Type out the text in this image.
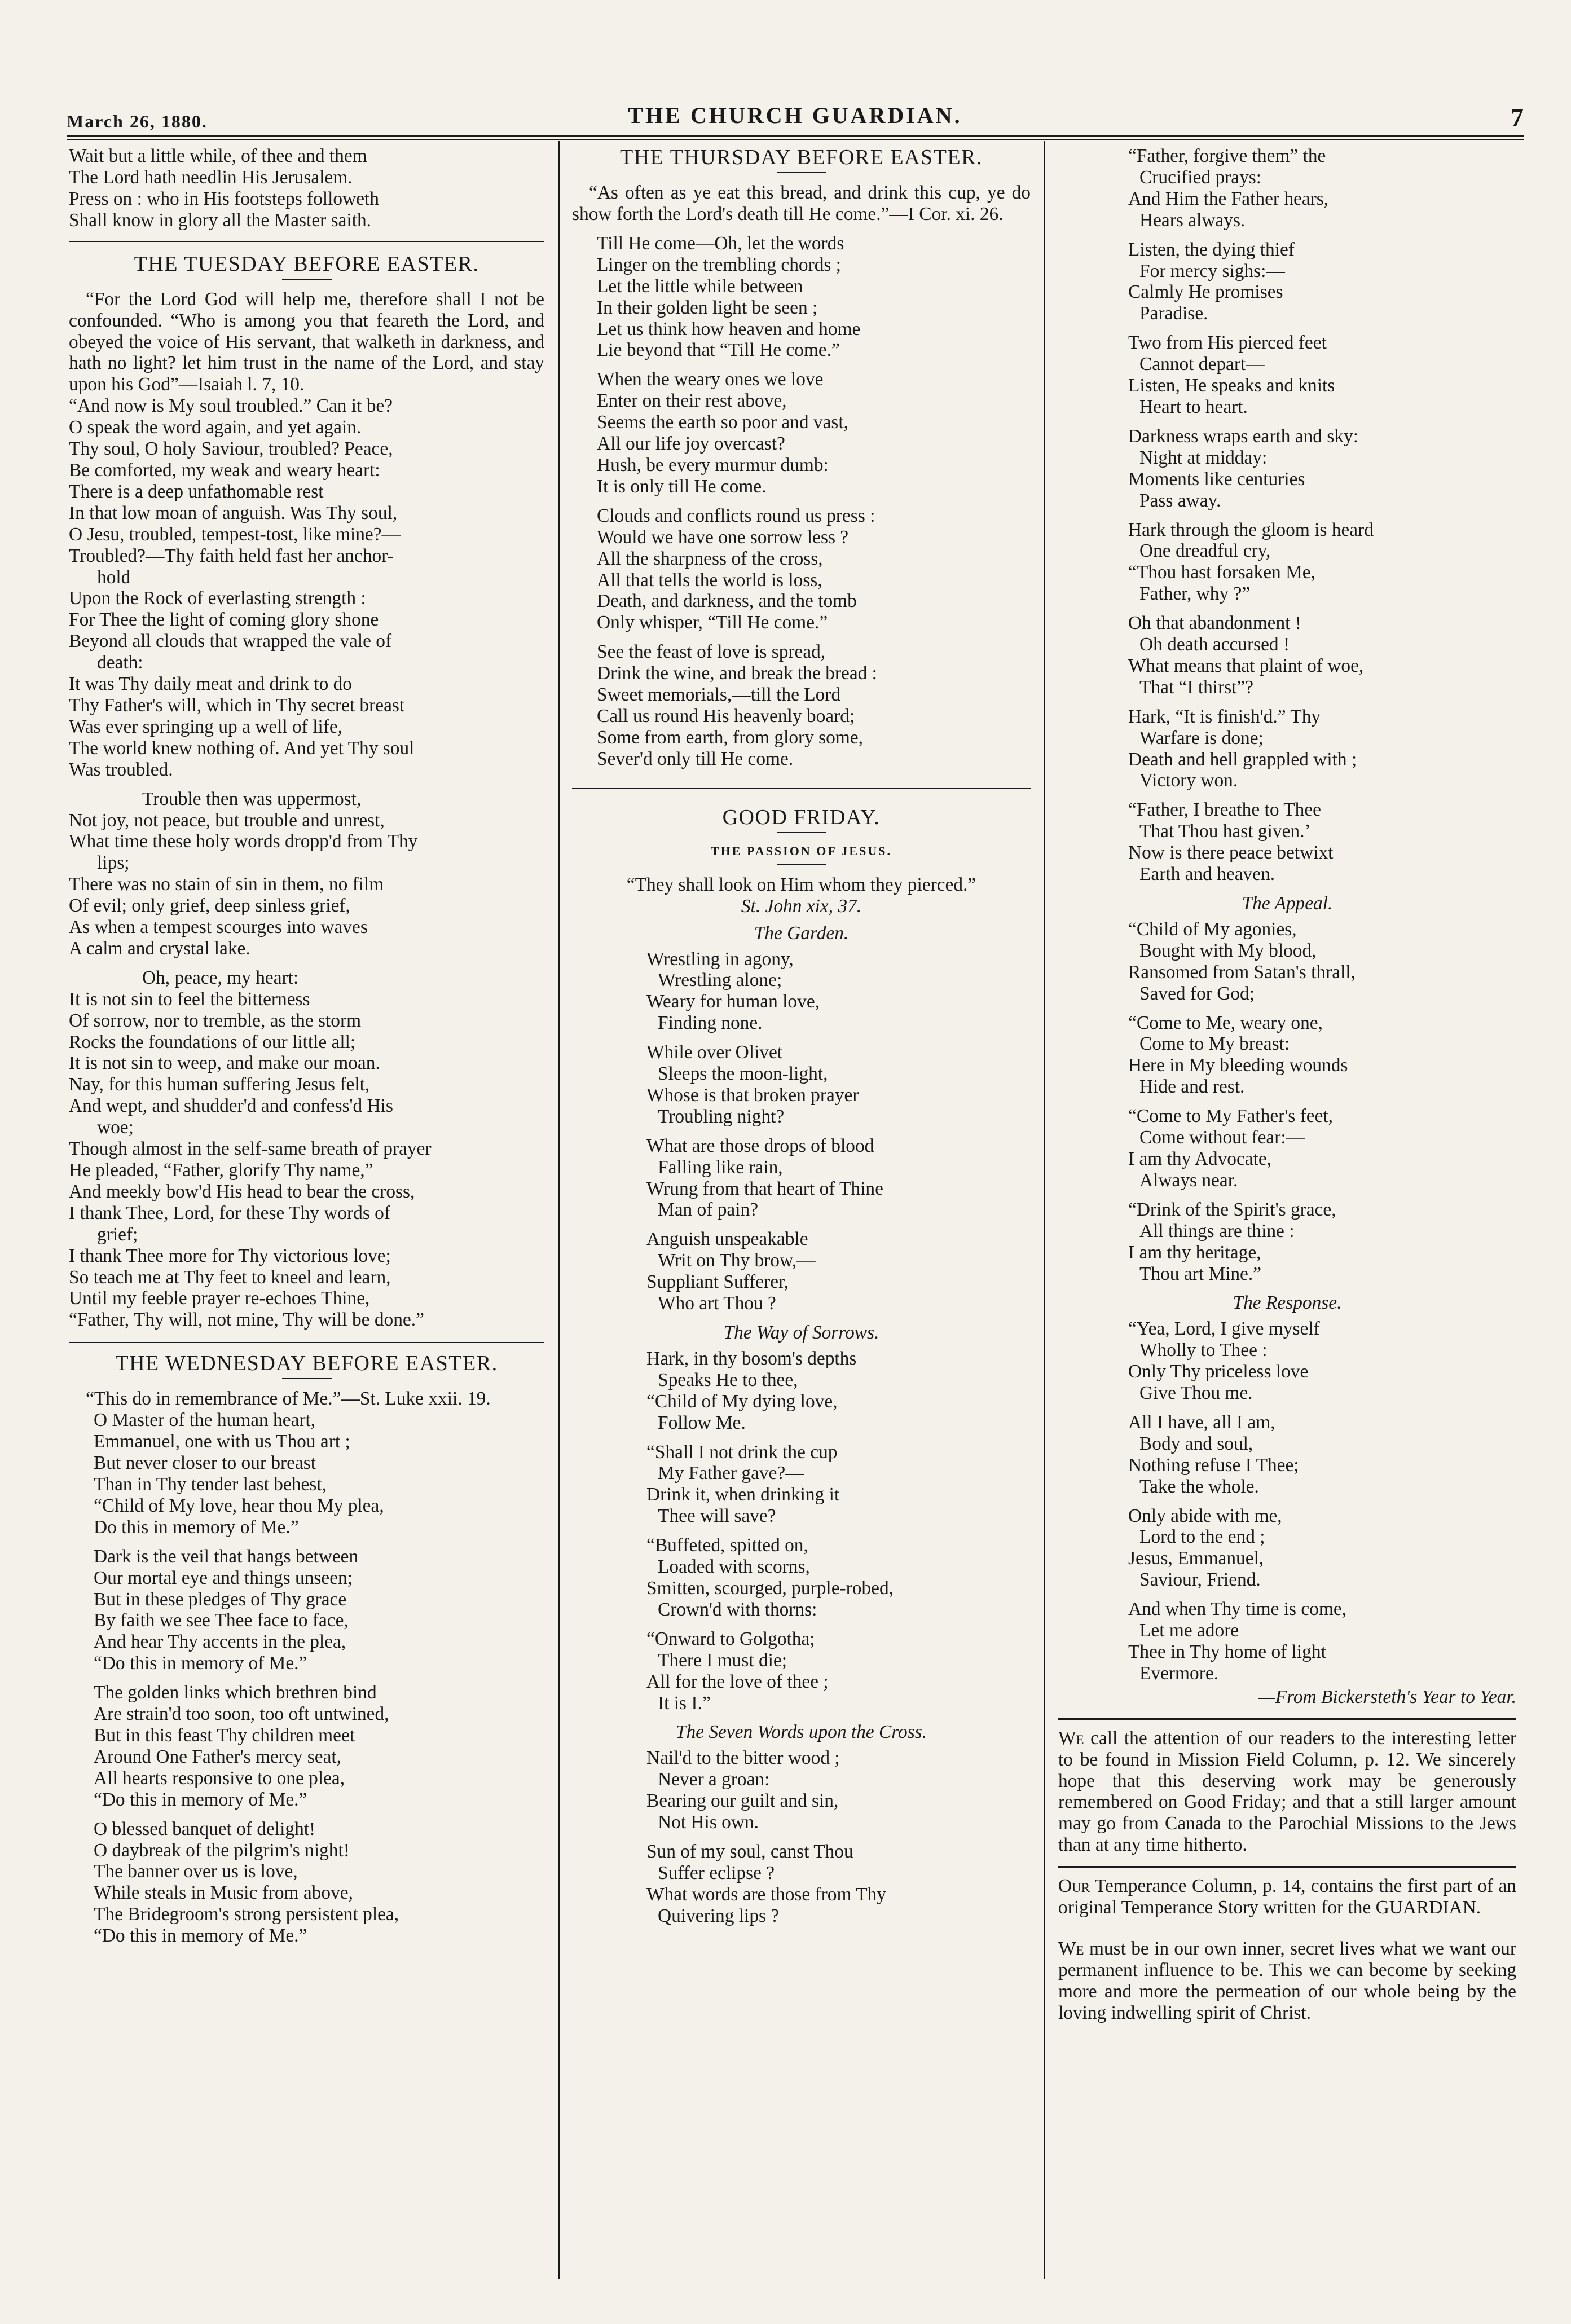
March 26, 1880.	THE CHURCH GUARDIAN.	7
Wait but a little while, of thee and them
The Lord hath needlin His Jerusalem.
Press on : who in His footsteps followeth
Shall know in glory all the Master saith.
THE TUESDAY BEFORE EASTER.
“For the Lord God will help me, therefore shall I not be confounded. “Who is among you that feareth the Lord, and obeyed the voice of His servant, that walketh in darkness, and hath no light? let him trust in the name of the Lord, and stay upon his God”—Isaiah l. 7, 10.
“And now is My soul troubled.” Can it be?
O speak the word again, and yet again.
Thy soul, O holy Saviour, troubled? Peace,
Be comforted, my weak and weary heart:
There is a deep unfathomable rest
In that low moan of anguish. Was Thy soul,
O Jesu, troubled, tempest-tost, like mine?—
Troubled?—Thy faith held fast her anchor-
hold
Upon the Rock of everlasting strength :
For Thee the light of coming glory shone
Beyond all clouds that wrapped the vale of
death:
It was Thy daily meat and drink to do
Thy Father's will, which in Thy secret breast
Was ever springing up a well of life,
The world knew nothing of. And yet Thy soul
Was troubled.
Trouble then was uppermost,
Not joy, not peace, but trouble and unrest,
What time these holy words dropp'd from Thy
lips;
There was no stain of sin in them, no film
Of evil; only grief, deep sinless grief,
As when a tempest scourges into waves
A calm and crystal lake.
Oh, peace, my heart:
It is not sin to feel the bitterness
Of sorrow, nor to tremble, as the storm
Rocks the foundations of our little all;
It is not sin to weep, and make our moan.
Nay, for this human suffering Jesus felt,
And wept, and shudder'd and confess'd His
woe;
Though almost in the self-same breath of prayer
He pleaded, “Father, glorify Thy name,”
And meekly bow'd His head to bear the cross,
I thank Thee, Lord, for these Thy words of
grief;
I thank Thee more for Thy victorious love;
So teach me at Thy feet to kneel and learn,
Until my feeble prayer re-echoes Thine,
“Father, Thy will, not mine, Thy will be done.”
THE WEDNESDAY BEFORE EASTER.
“This do in remembrance of Me.”—St. Luke xxii. 19.
O Master of the human heart,
Emmanuel, one with us Thou art ;
But never closer to our breast
Than in Thy tender last behest,
“Child of My love, hear thou My plea,
Do this in memory of Me.”
Dark is the veil that hangs between
Our mortal eye and things unseen;
But in these pledges of Thy grace
By faith we see Thee face to face,
And hear Thy accents in the plea,
“Do this in memory of Me.”
The golden links which brethren bind
Are strain'd too soon, too oft untwined,
But in this feast Thy children meet
Around One Father's mercy seat,
All hearts responsive to one plea,
“Do this in memory of Me.”
O blessed banquet of delight!
O daybreak of the pilgrim's night!
The banner over us is love,
While steals in Music from above,
The Bridegroom's strong persistent plea,
“Do this in memory of Me.”
THE THURSDAY BEFORE EASTER.
“As often as ye eat this bread, and drink this cup, ye do show forth the Lord's death till He come.”—I Cor. xi. 26.
Till He come—Oh, let the words
Linger on the trembling chords ;
Let the little while between
In their golden light be seen ;
Let us think how heaven and home
Lie beyond that “Till He come.”
When the weary ones we love
Enter on their rest above,
Seems the earth so poor and vast,
All our life joy overcast?
Hush, be every murmur dumb:
It is only till He come.
Clouds and conflicts round us press :
Would we have one sorrow less ?
All the sharpness of the cross,
All that tells the world is loss,
Death, and darkness, and the tomb
Only whisper, “Till He come.”
See the feast of love is spread,
Drink the wine, and break the bread :
Sweet memorials,—till the Lord
Call us round His heavenly board;
Some from earth, from glory some,
Sever'd only till He come.
GOOD FRIDAY.
THE PASSION OF JESUS.
“They shall look on Him whom they pierced.”
St. John xix, 37.
The Garden.
Wrestling in agony,
Wrestling alone;
Weary for human love,
Finding none.
While over Olivet
Sleeps the moon-light,
Whose is that broken prayer
Troubling night?
What are those drops of blood
Falling like rain,
Wrung from that heart of Thine
Man of pain?
Anguish unspeakable
Writ on Thy brow,—
Suppliant Sufferer,
Who art Thou ?
The Way of Sorrows.
Hark, in thy bosom's depths
Speaks He to thee,
“Child of My dying love,
Follow Me.
“Shall I not drink the cup
My Father gave?—
Drink it, when drinking it
Thee will save?
“Buffeted, spitted on,
Loaded with scorns,
Smitten, scourged, purple-robed,
Crown'd with thorns:
“Onward to Golgotha;
There I must die;
All for the love of thee ;
It is I.”
The Seven Words upon the Cross.
Nail'd to the bitter wood ;
Never a groan:
Bearing our guilt and sin,
Not His own.
Sun of my soul, canst Thou
Suffer eclipse ?
What words are those from Thy
Quivering lips ?
“Father, forgive them” the
Crucified prays:
And Him the Father hears,
Hears always.
Listen, the dying thief
For mercy sighs:—
Calmly He promises
Paradise.
Two from His pierced feet
Cannot depart—
Listen, He speaks and knits
Heart to heart.
Darkness wraps earth and sky:
Night at midday:
Moments like centuries
Pass away.
Hark through the gloom is heard
One dreadful cry,
“Thou hast forsaken Me,
Father, why ?”
Oh that abandonment !
Oh death accursed !
What means that plaint of woe,
That “I thirst”?
Hark, “It is finish'd.” Thy
Warfare is done;
Death and hell grappled with ;
Victory won.
“Father, I breathe to Thee
That Thou hast given.’
Now is there peace betwixt
Earth and heaven.
The Appeal.
“Child of My agonies,
Bought with My blood,
Ransomed from Satan's thrall,
Saved for God;
“Come to Me, weary one,
Come to My breast:
Here in My bleeding wounds
Hide and rest.
“Come to My Father's feet,
Come without fear:—
I am thy Advocate,
Always near.
“Drink of the Spirit's grace,
All things are thine :
I am thy heritage,
Thou art Mine.”
The Response.
“Yea, Lord, I give myself
Wholly to Thee :
Only Thy priceless love
Give Thou me.
All I have, all I am,
Body and soul,
Nothing refuse I Thee;
Take the whole.
Only abide with me,
Lord to the end ;
Jesus, Emmanuel,
Saviour, Friend.
And when Thy time is come,
Let me adore
Thee in Thy home of light
Evermore.
—From Bickersteth's Year to Year.

We call the attention of our readers to the interesting letter to be found in Mission Field Column, p. 12. We sincerely hope that this deserving work may be generously remembered on Good Friday; and that a still larger amount may go from Canada to the Parochial Missions to the Jews than at any time hitherto.

Our Temperance Column, p. 14, contains the first part of an original Temperance Story written for the GUARDIAN.

We must be in our own inner, secret lives what we want our permanent influence to be. This we can become by seeking more and more the permeation of our whole being by the loving indwelling spirit of Christ.
